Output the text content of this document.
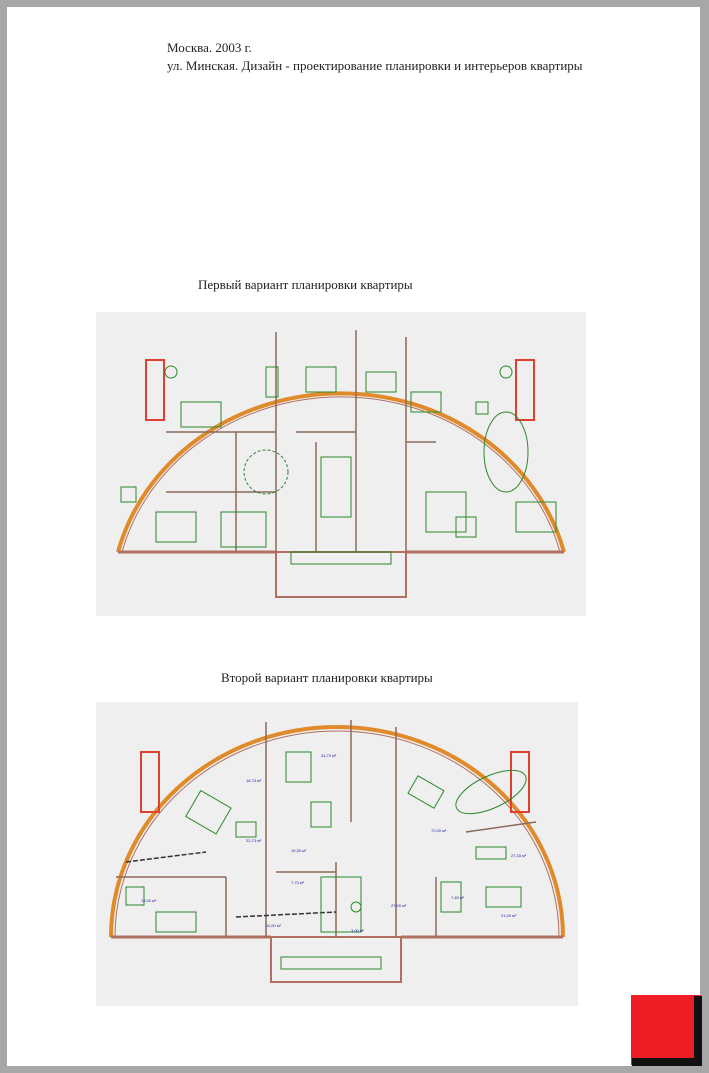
Москва. 2003 г.
ул. Минская. Дизайн - проектирование планировки и интерьеров квартиры
Первый вариант планировки квартиры
Второй вариант планировки квартиры
16,73 м²
24,73 м²
22,73 м²
19,30 м²
72,00 м²
27,33 м²
19,20 м²
7,73 м²
27,00 м²
7,45 м²
3,00 м²
11,00 м²
21,00 м²
